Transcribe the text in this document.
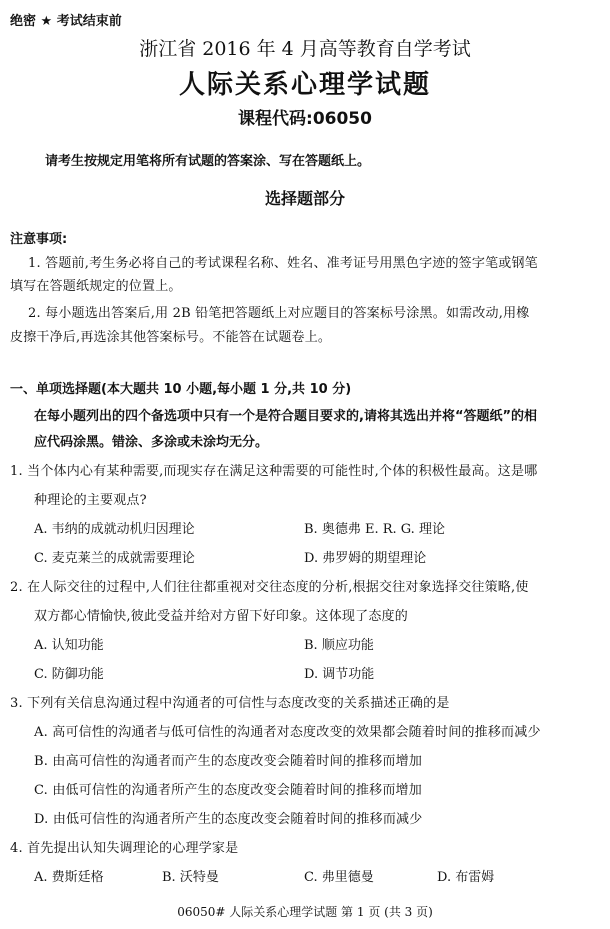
绝密 ★ 考试结束前
浙江省 2016 年 4 月高等教育自学考试
人际关系心理学试题
课程代码:06050
请考生按规定用笔将所有试题的答案涂、写在答题纸上。
选择题部分
注意事项:
1. 答题前,考生务必将自己的考试课程名称、姓名、准考证号用黑色字迹的签字笔或钢笔
填写在答题纸规定的位置上。
2. 每小题选出答案后,用 2B 铅笔把答题纸上对应题目的答案标号涂黑。如需改动,用橡
皮擦干净后,再选涂其他答案标号。不能答在试题卷上。
一、单项选择题(本大题共 10 小题,每小题 1 分,共 10 分)
在每小题列出的四个备选项中只有一个是符合题目要求的,请将其选出并将“答题纸”的相
应代码涂黑。错涂、多涂或未涂均无分。
1. 当个体内心有某种需要,而现实存在满足这种需要的可能性时,个体的积极性最高。这是哪
种理论的主要观点?
A. 韦纳的成就动机归因理论	B. 奥德弗 E. R. G. 理论
C. 麦克莱兰的成就需要理论	D. 弗罗姆的期望理论
2. 在人际交往的过程中,人们往往都重视对交往态度的分析,根据交往对象选择交往策略,使
双方都心情愉快,彼此受益并给对方留下好印象。这体现了态度的
A. 认知功能	B. 顺应功能
C. 防御功能	D. 调节功能
3. 下列有关信息沟通过程中沟通者的可信性与态度改变的关系描述正确的是
A. 高可信性的沟通者与低可信性的沟通者对态度改变的效果都会随着时间的推移而减少
B. 由高可信性的沟通者而产生的态度改变会随着时间的推移而增加
C. 由低可信性的沟通者所产生的态度改变会随着时间的推移而增加
D. 由低可信性的沟通者所产生的态度改变会随着时间的推移而减少
4. 首先提出认知失调理论的心理学家是
A. 费斯廷格	B. 沃特曼	C. 弗里德曼	D. 布雷姆
06050# 人际关系心理学试题 第 1 页 (共 3 页)
